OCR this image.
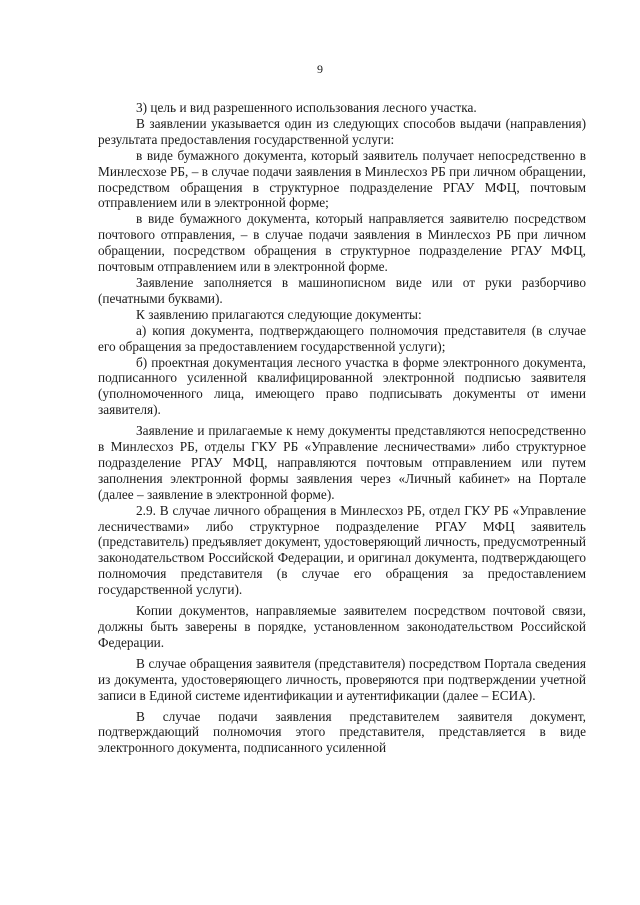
9

3) цель и вид разрешенного использования лесного участка.

В заявлении указывается один из следующих способов выдачи (направления) результата предоставления государственной услуги:

в виде бумажного документа, который заявитель получает непосредственно в Минлесхозе РБ, – в случае подачи заявления в Минлесхоз РБ при личном обращении, посредством обращения в структурное подразделение РГАУ МФЦ, почтовым отправлением или в электронной форме;

в виде бумажного документа, который направляется заявителю посредством почтового отправления, – в случае подачи заявления в Минлесхоз РБ при личном обращении, посредством обращения в структурное подразделение РГАУ МФЦ, почтовым отправлением или в электронной форме.

Заявление заполняется в машинописном виде или от руки разборчиво (печатными буквами).

К заявлению прилагаются следующие документы:

а) копия документа, подтверждающего полномочия представителя (в случае его обращения за предоставлением государственной услуги);

б) проектная документация лесного участка в форме электронного документа, подписанного усиленной квалифицированной электронной подписью заявителя (уполномоченного лица, имеющего право подписывать документы от имени заявителя).

Заявление и прилагаемые к нему документы представляются непосредственно в Минлесхоз РБ, отделы ГКУ РБ «Управление лесничествами» либо структурное подразделение РГАУ МФЦ, направляются почтовым отправлением или путем заполнения электронной формы заявления через «Личный кабинет» на Портале (далее – заявление в электронной форме).

2.9. В случае личного обращения в Минлесхоз РБ, отдел ГКУ РБ «Управление лесничествами» либо структурное подразделение РГАУ МФЦ заявитель (представитель) предъявляет документ, удостоверяющий личность, предусмотренный законодательством Российской Федерации, и оригинал документа, подтверждающего полномочия представителя (в случае его обращения за предоставлением государственной услуги).

Копии документов, направляемые заявителем посредством почтовой связи, должны быть заверены в порядке, установленном законодательством Российской Федерации.

В случае обращения заявителя (представителя) посредством Портала сведения из документа, удостоверяющего личность, проверяются при подтверждении учетной записи в Единой системе идентификации и аутентификации (далее – ЕСИА).

В случае подачи заявления представителем заявителя документ, подтверждающий полномочия этого представителя, представляется в виде электронного документа, подписанного усиленной
